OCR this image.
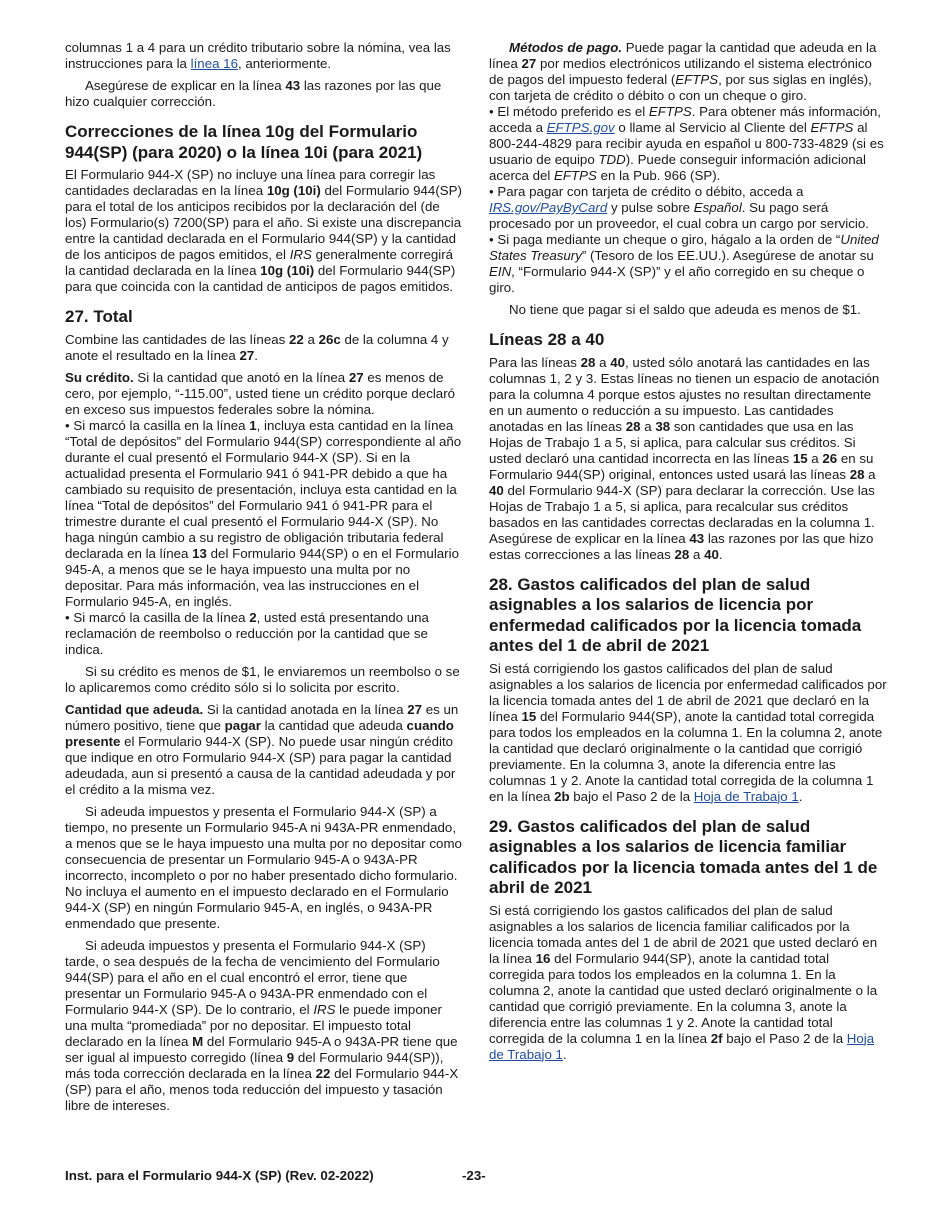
columnas 1 a 4 para un crédito tributario sobre la nómina, vea las instrucciones para la línea 16, anteriormente.

Asegúrese de explicar en la línea 43 las razones por las que hizo cualquier corrección.

Correcciones de la línea 10g del Formulario 944(SP) (para 2020) o la línea 10i (para 2021)

El Formulario 944-X (SP) no incluye una línea para corregir las cantidades declaradas en la línea 10g (10i) del Formulario 944(SP) para el total de los anticipos recibidos por la declaración del (de los) Formulario(s) 7200(SP) para el año. Si existe una discrepancia entre la cantidad declarada en el Formulario 944(SP) y la cantidad de los anticipos de pagos emitidos, el IRS generalmente corregirá la cantidad declarada en la línea 10g (10i) del Formulario 944(SP) para que coincida con la cantidad de anticipos de pagos emitidos.

27. Total

Combine las cantidades de las líneas 22 a 26c de la columna 4 y anote el resultado en la línea 27.

Su crédito. Si la cantidad que anotó en la línea 27 es menos de cero, por ejemplo, “-115.00”, usted tiene un crédito porque declaró en exceso sus impuestos federales sobre la nómina.

• Si marcó la casilla en la línea 1, incluya esta cantidad en la línea “Total de depósitos” del Formulario 944(SP) correspondiente al año durante el cual presentó el Formulario 944-X (SP). Si en la actualidad presenta el Formulario 941 ó 941-PR debido a que ha cambiado su requisito de presentación, incluya esta cantidad en la línea “Total de depósitos” del Formulario 941 ó 941-PR para el trimestre durante el cual presentó el Formulario 944-X (SP). No haga ningún cambio a su registro de obligación tributaria federal declarada en la línea 13 del Formulario 944(SP) o en el Formulario 945-A, a menos que se le haya impuesto una multa por no depositar. Para más información, vea las instrucciones en el Formulario 945-A, en inglés.

• Si marcó la casilla de la línea 2, usted está presentando una reclamación de reembolso o reducción por la cantidad que se indica.

Si su crédito es menos de $1, le enviaremos un reembolso o se lo aplicaremos como crédito sólo si lo solicita por escrito.

Cantidad que adeuda. Si la cantidad anotada en la línea 27 es un número positivo, tiene que pagar la cantidad que adeuda cuando presente el Formulario 944-X (SP). No puede usar ningún crédito que indique en otro Formulario 944-X (SP) para pagar la cantidad adeudada, aun si presentó a causa de la cantidad adeudada y por el crédito a la misma vez.

Si adeuda impuestos y presenta el Formulario 944-X (SP) a tiempo, no presente un Formulario 945-A ni 943A-PR enmendado, a menos que se le haya impuesto una multa por no depositar como consecuencia de presentar un Formulario 945-A o 943A-PR incorrecto, incompleto o por no haber presentado dicho formulario. No incluya el aumento en el impuesto declarado en el Formulario 944-X (SP) en ningún Formulario 945-A, en inglés, o 943A-PR enmendado que presente.

Si adeuda impuestos y presenta el Formulario 944-X (SP) tarde, o sea después de la fecha de vencimiento del Formulario 944(SP) para el año en el cual encontró el error, tiene que presentar un Formulario 945-A o 943A-PR enmendado con el Formulario 944-X (SP). De lo contrario, el IRS le puede imponer una multa “promediada” por no depositar. El impuesto total declarado en la línea M del Formulario 945-A o 943A-PR tiene que ser igual al impuesto corregido (línea 9 del Formulario 944(SP)), más toda corrección declarada en la línea 22 del Formulario 944-X (SP) para el año, menos toda reducción del impuesto y tasación libre de intereses.

Métodos de pago. Puede pagar la cantidad que adeuda en la línea 27 por medios electrónicos utilizando el sistema electrónico de pagos del impuesto federal (EFTPS, por sus siglas en inglés), con tarjeta de crédito o débito o con un cheque o giro.

• El método preferido es el EFTPS. Para obtener más información, acceda a EFTPS.gov o llame al Servicio al Cliente del EFTPS al 800-244-4829 para recibir ayuda en español u 800-733-4829 (si es usuario de equipo TDD). Puede conseguir información adicional acerca del EFTPS en la Pub. 966 (SP).

• Para pagar con tarjeta de crédito o débito, acceda a IRS.gov/PayByCard y pulse sobre Español. Su pago será procesado por un proveedor, el cual cobra un cargo por servicio.

• Si paga mediante un cheque o giro, hágalo a la orden de “United States Treasury” (Tesoro de los EE.UU.). Asegúrese de anotar su EIN, “Formulario 944-X (SP)” y el año corregido en su cheque o giro.

No tiene que pagar si el saldo que adeuda es menos de $1.

Líneas 28 a 40

Para las líneas 28 a 40, usted sólo anotará las cantidades en las columnas 1, 2 y 3. Estas líneas no tienen un espacio de anotación para la columna 4 porque estos ajustes no resultan directamente en un aumento o reducción a su impuesto. Las cantidades anotadas en las líneas 28 a 38 son cantidades que usa en las Hojas de Trabajo 1 a 5, si aplica, para calcular sus créditos. Si usted declaró una cantidad incorrecta en las líneas 15 a 26 en su Formulario 944(SP) original, entonces usted usará las líneas 28 a 40 del Formulario 944-X (SP) para declarar la corrección. Use las Hojas de Trabajo 1 a 5, si aplica, para recalcular sus créditos basados en las cantidades correctas declaradas en la columna 1. Asegúrese de explicar en la línea 43 las razones por las que hizo estas correcciones a las líneas 28 a 40.

28. Gastos calificados del plan de salud asignables a los salarios de licencia por enfermedad calificados por la licencia tomada antes del 1 de abril de 2021

Si está corrigiendo los gastos calificados del plan de salud asignables a los salarios de licencia por enfermedad calificados por la licencia tomada antes del 1 de abril de 2021 que declaró en la línea 15 del Formulario 944(SP), anote la cantidad total corregida para todos los empleados en la columna 1. En la columna 2, anote la cantidad que declaró originalmente o la cantidad que corrigió previamente. En la columna 3, anote la diferencia entre las columnas 1 y 2. Anote la cantidad total corregida de la columna 1 en la línea 2b bajo el Paso 2 de la Hoja de Trabajo 1.

29. Gastos calificados del plan de salud asignables a los salarios de licencia familiar calificados por la licencia tomada antes del 1 de abril de 2021

Si está corrigiendo los gastos calificados del plan de salud asignables a los salarios de licencia familiar calificados por la licencia tomada antes del 1 de abril de 2021 que usted declaró en la línea 16 del Formulario 944(SP), anote la cantidad total corregida para todos los empleados en la columna 1. En la columna 2, anote la cantidad que usted declaró originalmente o la cantidad que corrigió previamente. En la columna 3, anote la diferencia entre las columnas 1 y 2. Anote la cantidad total corregida de la columna 1 en la línea 2f bajo el Paso 2 de la Hoja de Trabajo 1.

Inst. para el Formulario 944-X (SP) (Rev. 02-2022)	-23-
